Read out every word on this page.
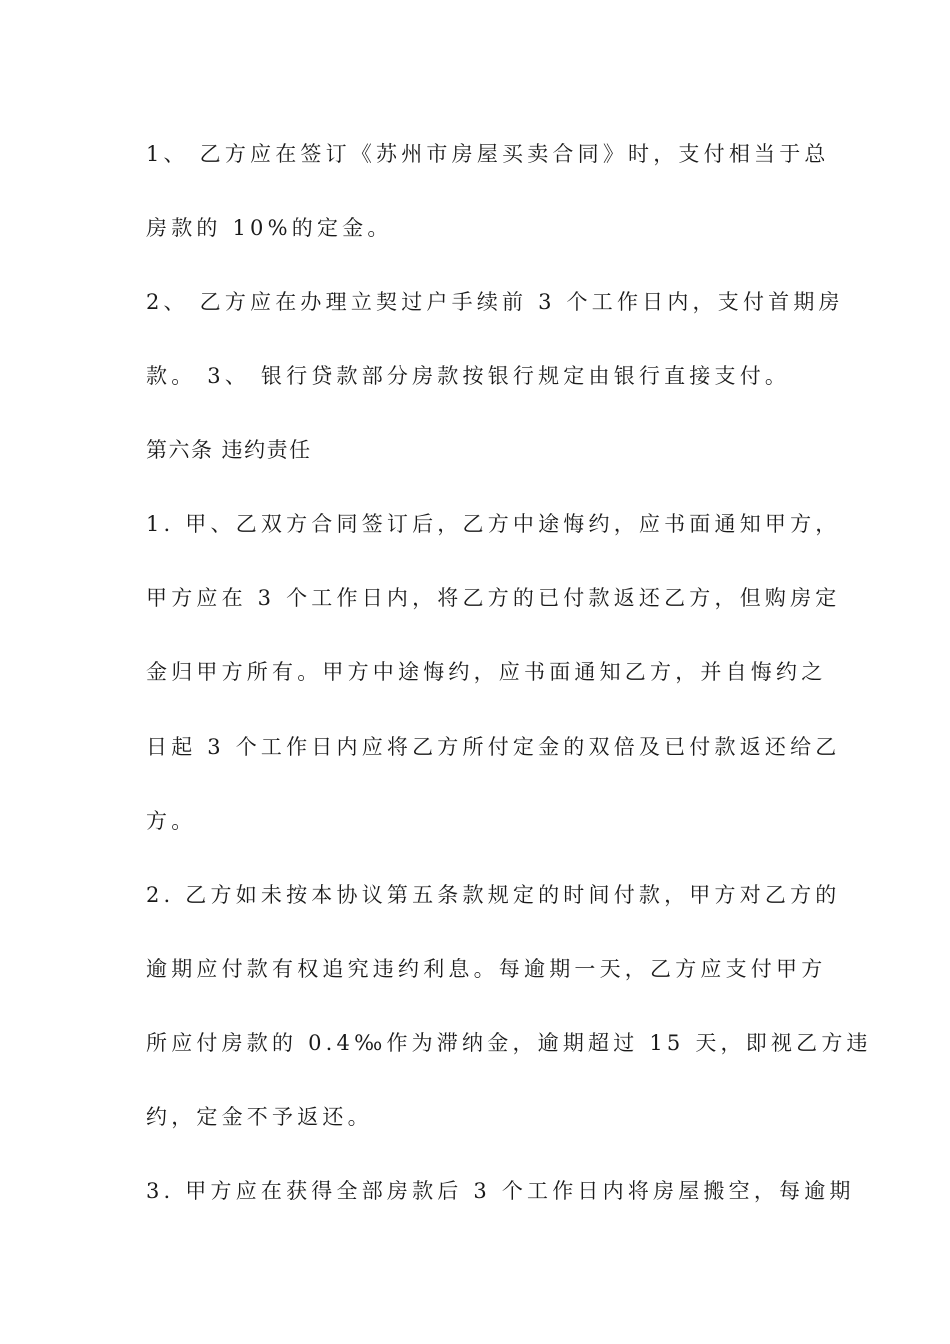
1、 乙方应在签订《苏州市房屋买卖合同》时，支付相当于总
房款的 10%的定金。
2、 乙方应在办理立契过户手续前 3 个工作日内，支付首期房
款。 3、 银行贷款部分房款按银行规定由银行直接支付。
第六条 违约责任
1. 甲、乙双方合同签订后，乙方中途悔约，应书面通知甲方，
甲方应在 3 个工作日内，将乙方的已付款返还乙方，但购房定
金归甲方所有。甲方中途悔约，应书面通知乙方，并自悔约之
日起 3 个工作日内应将乙方所付定金的双倍及已付款返还给乙
方。
2. 乙方如未按本协议第五条款规定的时间付款，甲方对乙方的
逾期应付款有权追究违约利息。每逾期一天，乙方应支付甲方
所应付房款的 0.4‰作为滞纳金，逾期超过 15 天，即视乙方违
约，定金不予返还。
3. 甲方应在获得全部房款后 3 个工作日内将房屋搬空，每逾期
